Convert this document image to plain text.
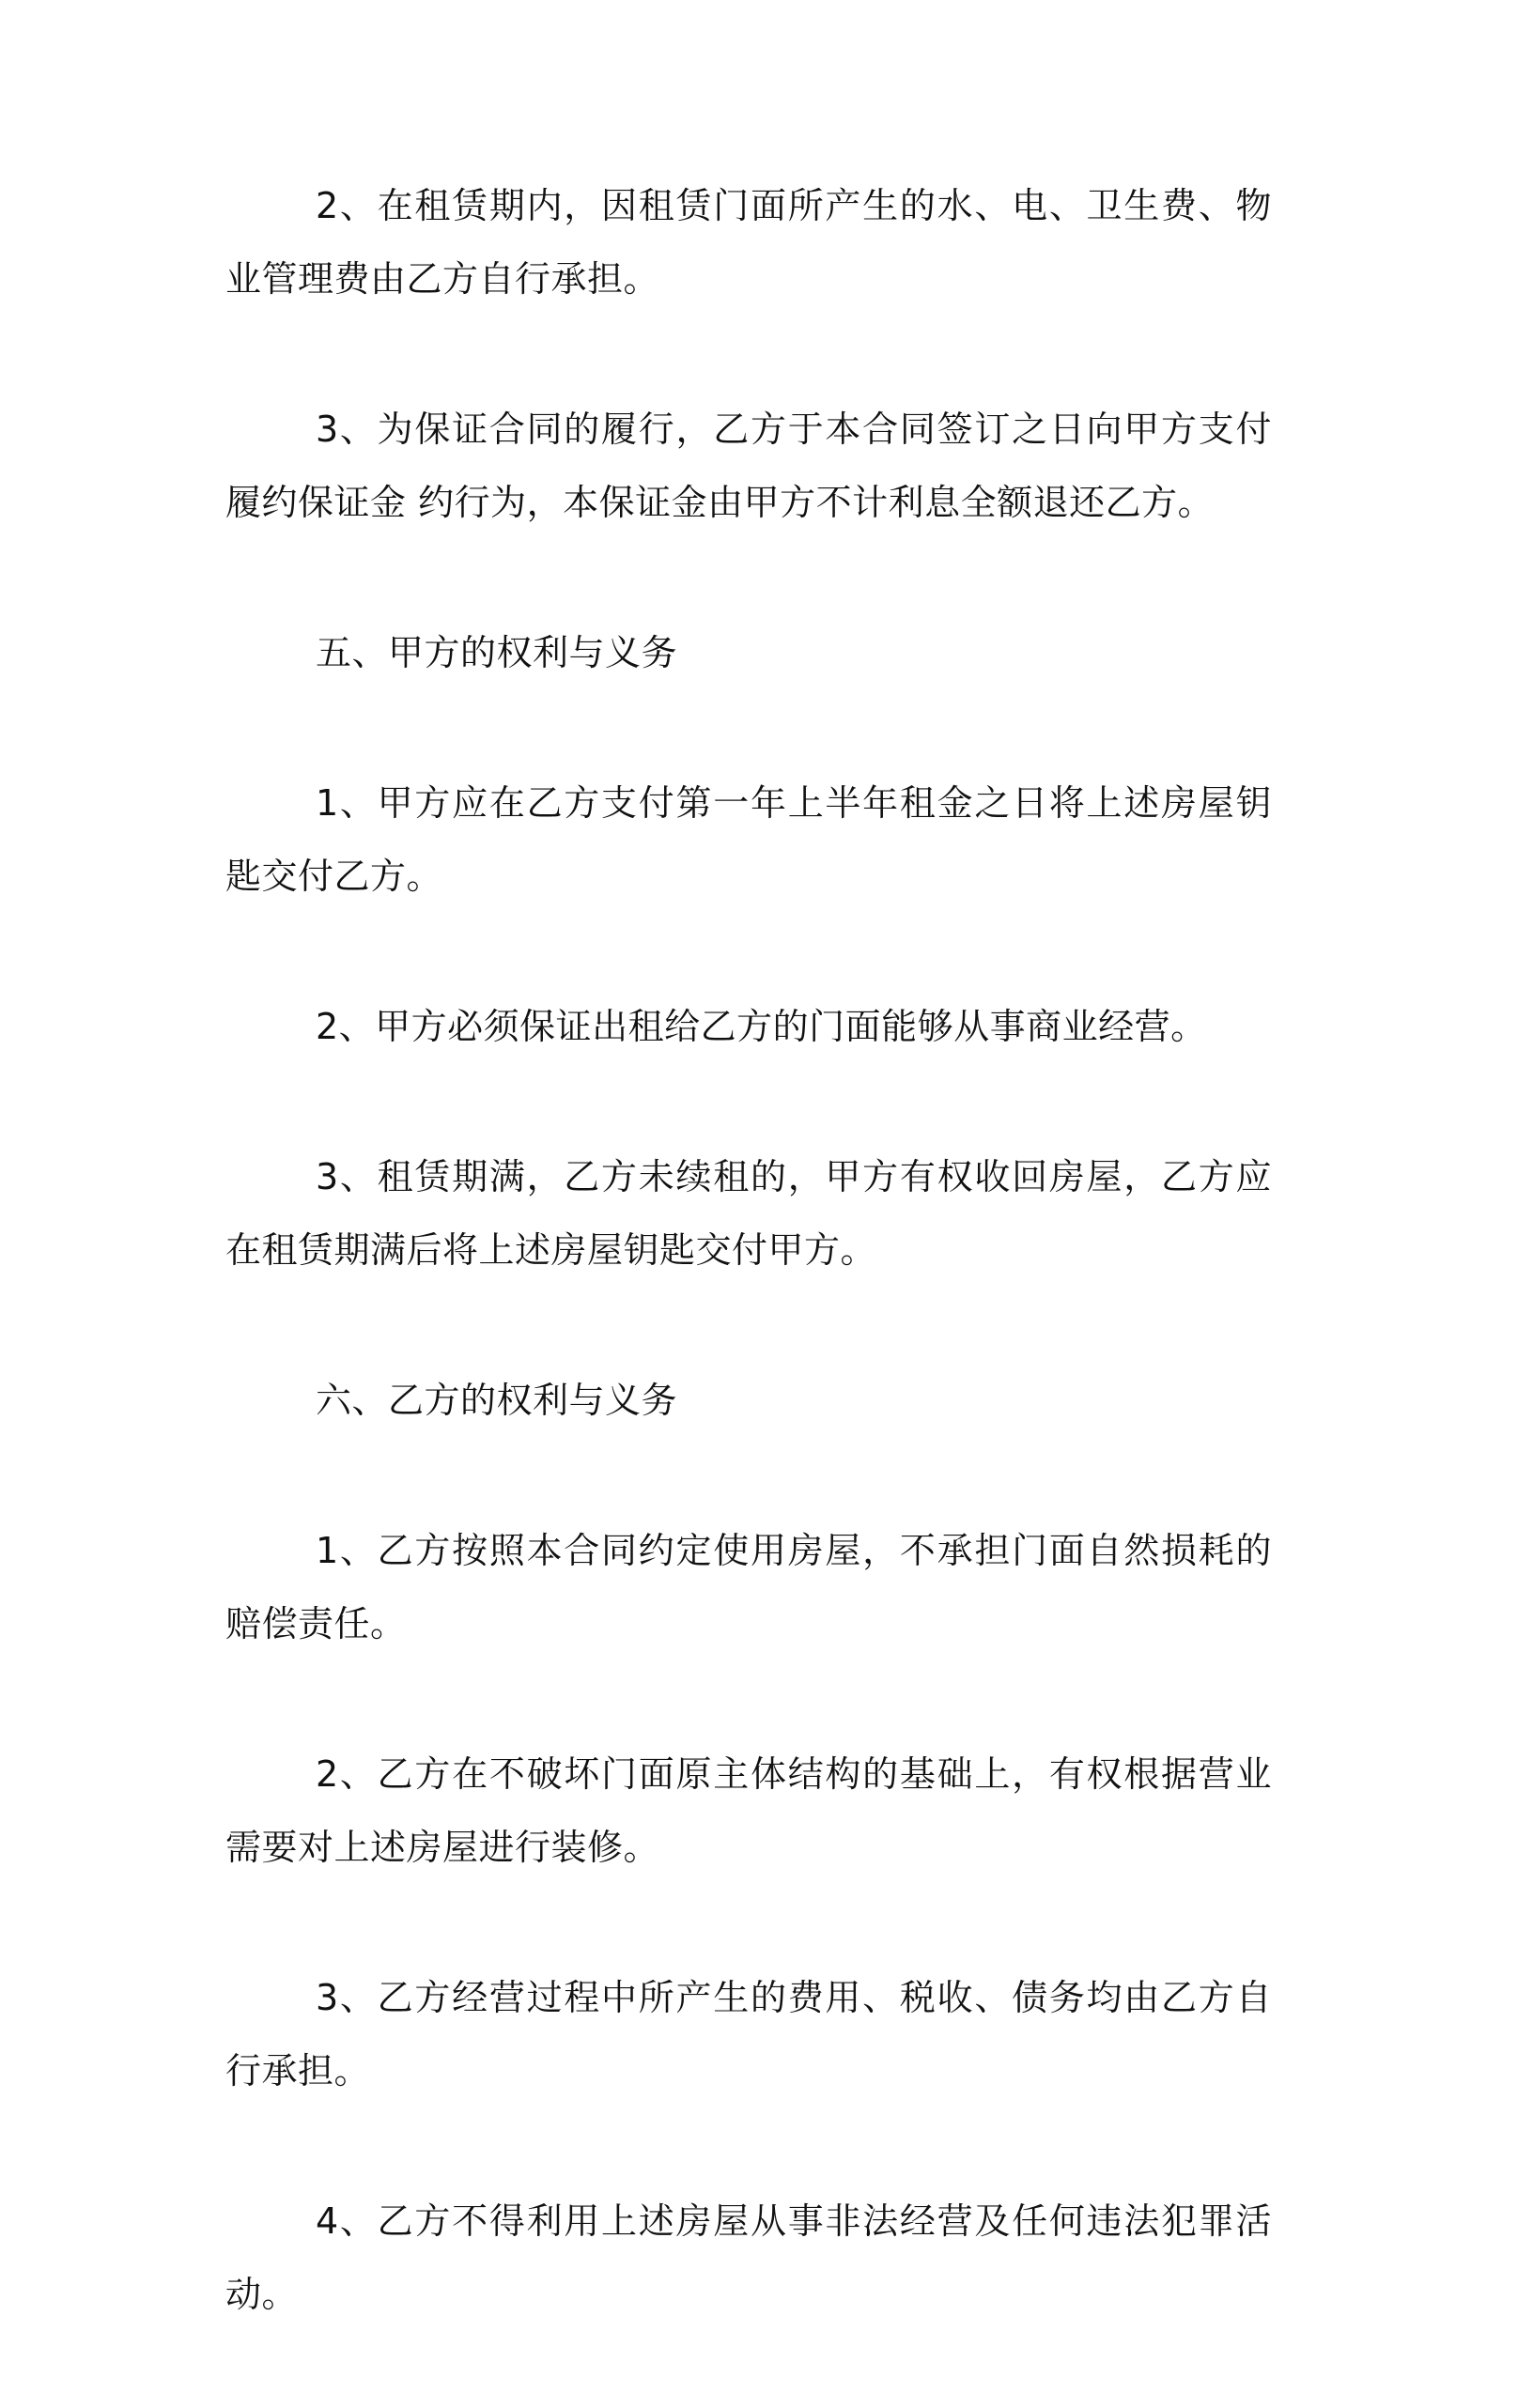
2、在租赁期内，因租赁门面所产生的水、电、卫生费、物业管理费由乙方自行承担。

3、为保证合同的履行，乙方于本合同签订之日向甲方支付履约保证金 约行为，本保证金由甲方不计利息全额退还乙方。

五、甲方的权利与义务

1、甲方应在乙方支付第一年上半年租金之日将上述房屋钥匙交付乙方。

2、甲方必须保证出租给乙方的门面能够从事商业经营。

3、租赁期满，乙方未续租的，甲方有权收回房屋，乙方应在租赁期满后将上述房屋钥匙交付甲方。

六、乙方的权利与义务

1、乙方按照本合同约定使用房屋，不承担门面自然损耗的赔偿责任。

2、乙方在不破坏门面原主体结构的基础上，有权根据营业需要对上述房屋进行装修。

3、乙方经营过程中所产生的费用、税收、债务均由乙方自行承担。

4、乙方不得利用上述房屋从事非法经营及任何违法犯罪活动。
